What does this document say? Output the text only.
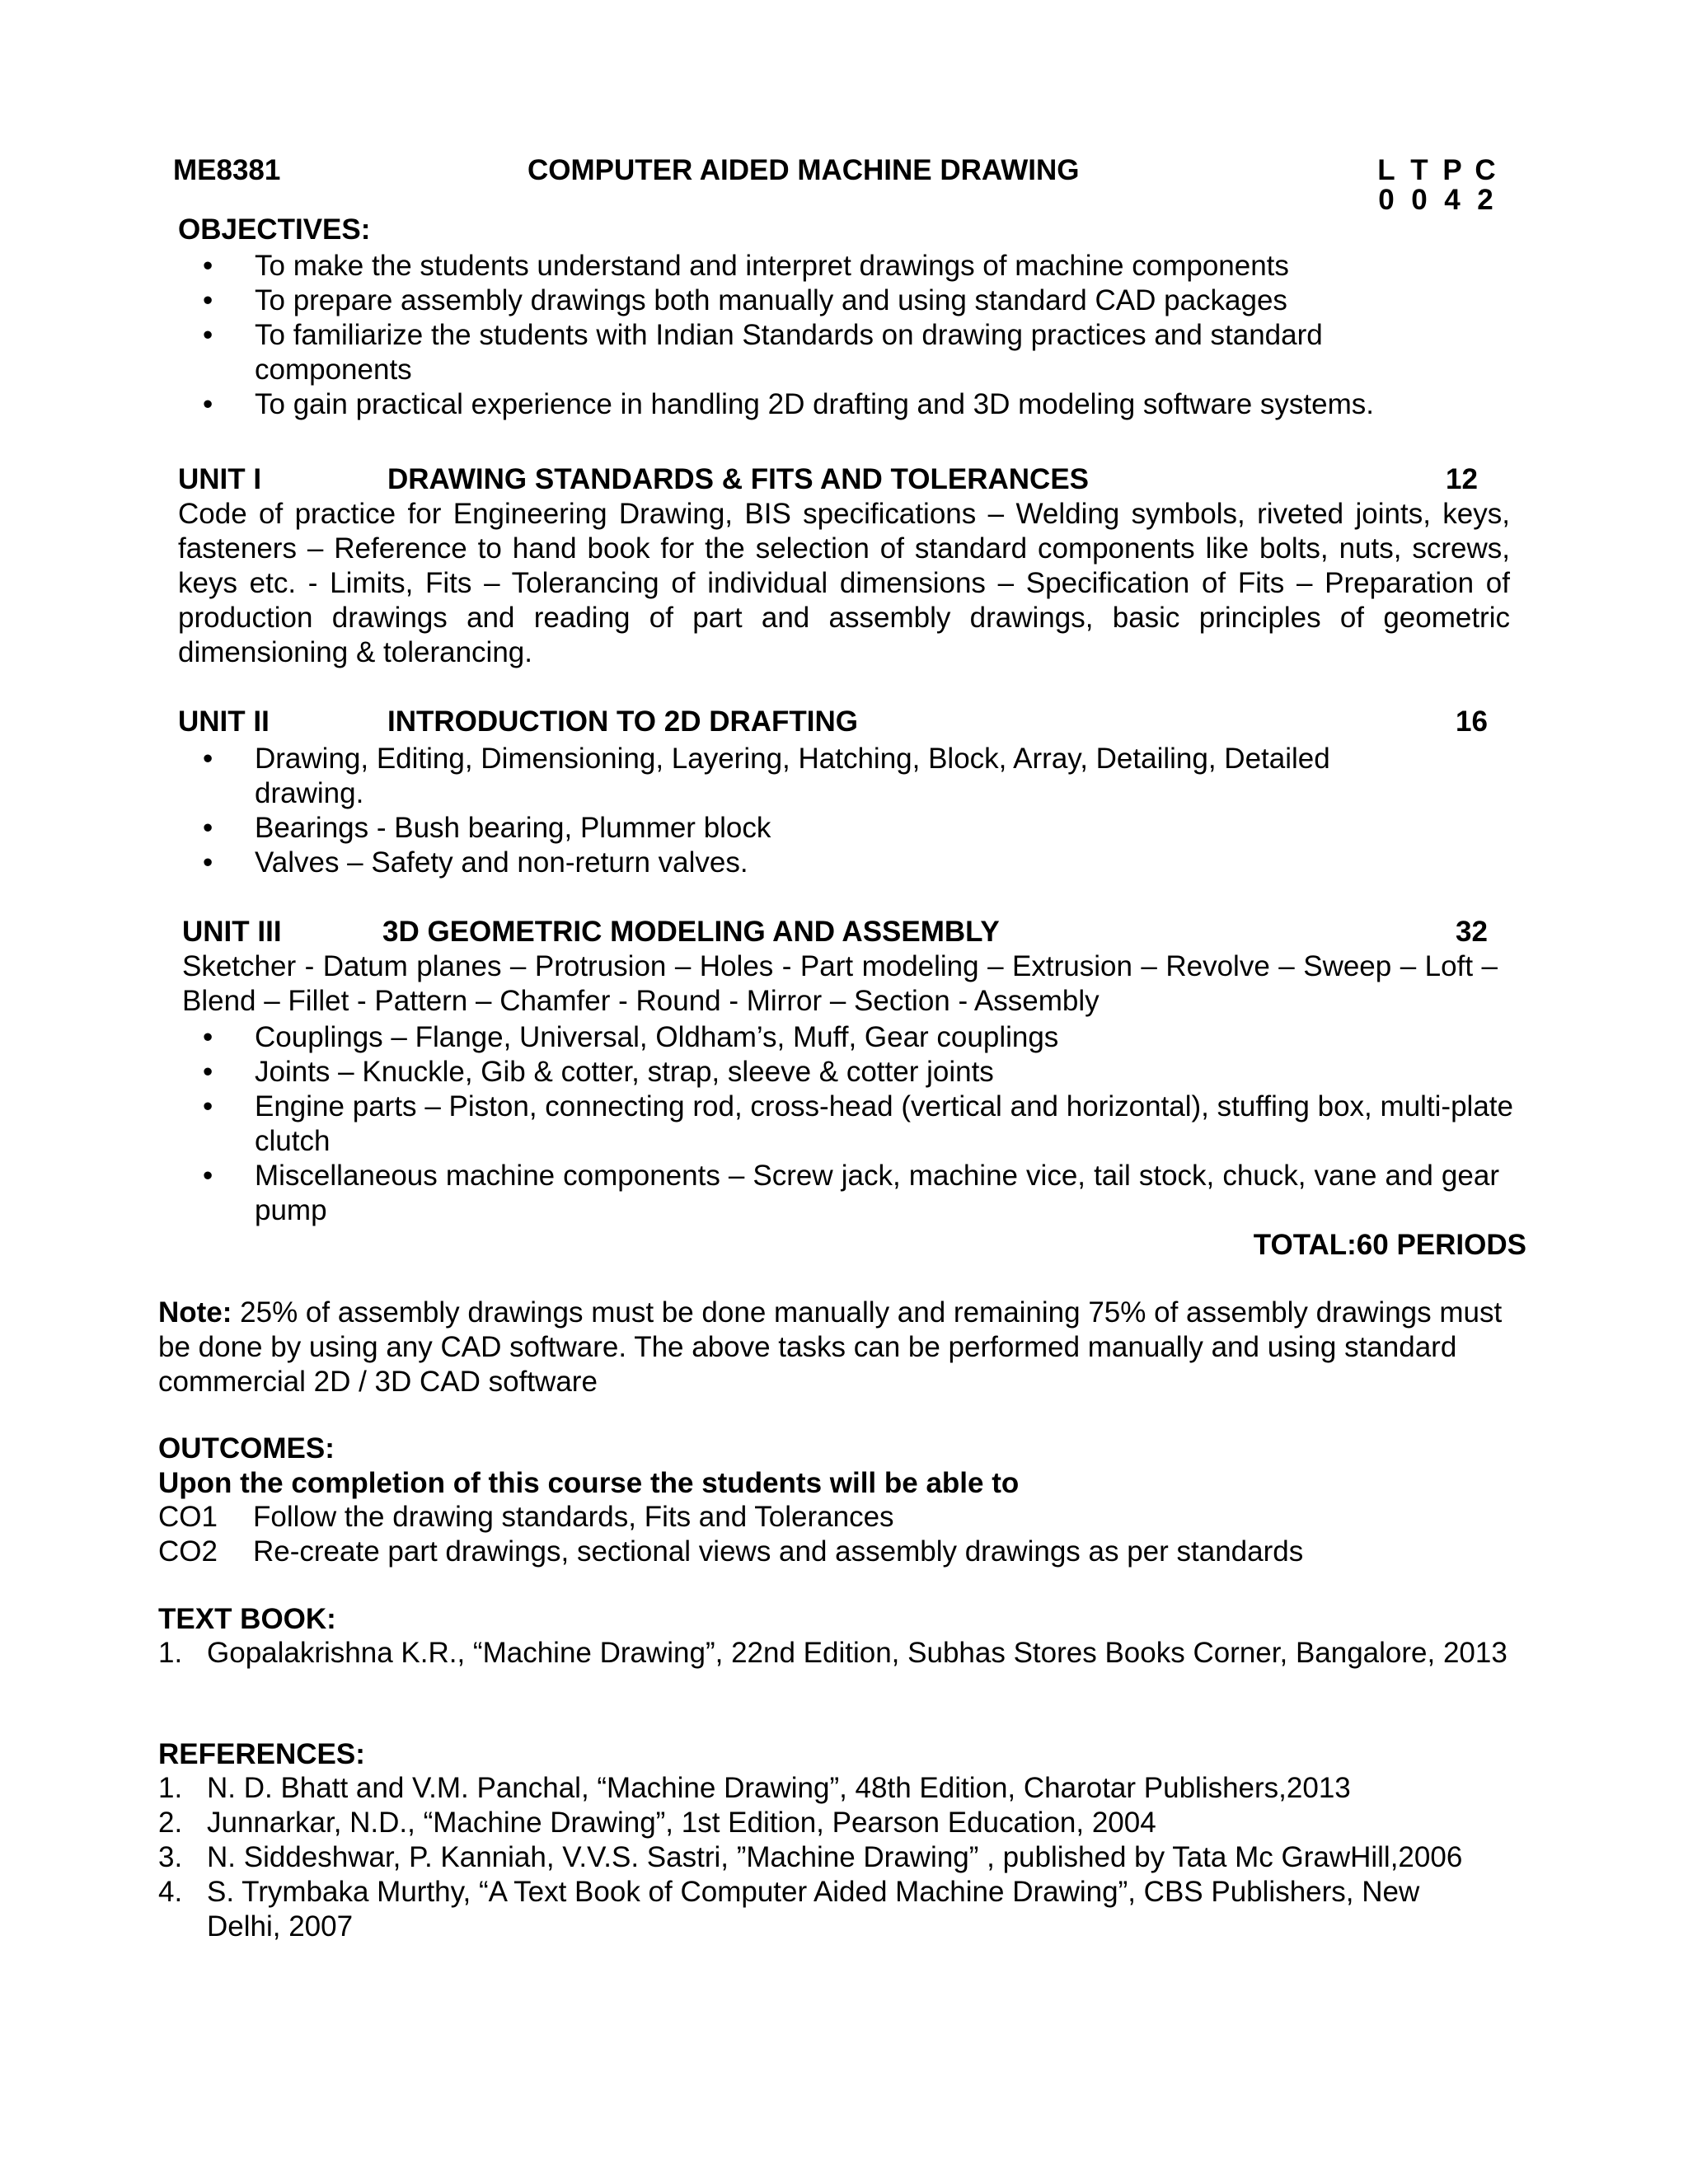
ME8381	COMPUTER AIDED MACHINE DRAWING	L T P C
0 0 4 2
OBJECTIVES:
• To make the students understand and interpret drawings of machine components
• To prepare assembly drawings both manually and using standard CAD packages
• To familiarize the students with Indian Standards on drawing practices and standard components
• To gain practical experience in handling 2D drafting and 3D modeling software systems.
UNIT I	DRAWING STANDARDS & FITS AND TOLERANCES	12
Code of practice for Engineering Drawing, BIS specifications – Welding symbols, riveted joints, keys, fasteners – Reference to hand book for the selection of standard components like bolts, nuts, screws, keys etc. - Limits, Fits – Tolerancing of individual dimensions – Specification of Fits – Preparation of production drawings and reading of part and assembly drawings, basic principles of geometric dimensioning & tolerancing.
UNIT II	INTRODUCTION TO 2D DRAFTING	16
• Drawing, Editing, Dimensioning, Layering, Hatching, Block, Array, Detailing, Detailed drawing.
• Bearings - Bush bearing, Plummer block
• Valves – Safety and non-return valves.
UNIT III	3D GEOMETRIC MODELING AND ASSEMBLY	32
Sketcher - Datum planes – Protrusion – Holes - Part modeling – Extrusion – Revolve – Sweep – Loft – Blend – Fillet - Pattern – Chamfer - Round - Mirror – Section - Assembly
• Couplings – Flange, Universal, Oldham’s, Muff, Gear couplings
• Joints – Knuckle, Gib & cotter, strap, sleeve & cotter joints
• Engine parts – Piston, connecting rod, cross-head (vertical and horizontal), stuffing box, multi-plate clutch
• Miscellaneous machine components – Screw jack, machine vice, tail stock, chuck, vane and gear pump
TOTAL:60 PERIODS
Note: 25% of assembly drawings must be done manually and remaining 75% of assembly drawings must be done by using any CAD software. The above tasks can be performed manually and using standard commercial 2D / 3D CAD software
OUTCOMES:
Upon the completion of this course the students will be able to
CO1 Follow the drawing standards, Fits and Tolerances
CO2 Re-create part drawings, sectional views and assembly drawings as per standards
TEXT BOOK:
1. Gopalakrishna K.R., “Machine Drawing”, 22nd Edition, Subhas Stores Books Corner, Bangalore, 2013
REFERENCES:
1. N. D. Bhatt and V.M. Panchal, “Machine Drawing”, 48th Edition, Charotar Publishers,2013
2. Junnarkar, N.D., “Machine Drawing”, 1st Edition, Pearson Education, 2004
3. N. Siddeshwar, P. Kanniah, V.V.S. Sastri, ”Machine Drawing” , published by Tata Mc GrawHill,2006
4. S. Trymbaka Murthy, “A Text Book of Computer Aided Machine Drawing”, CBS Publishers, New Delhi, 2007
